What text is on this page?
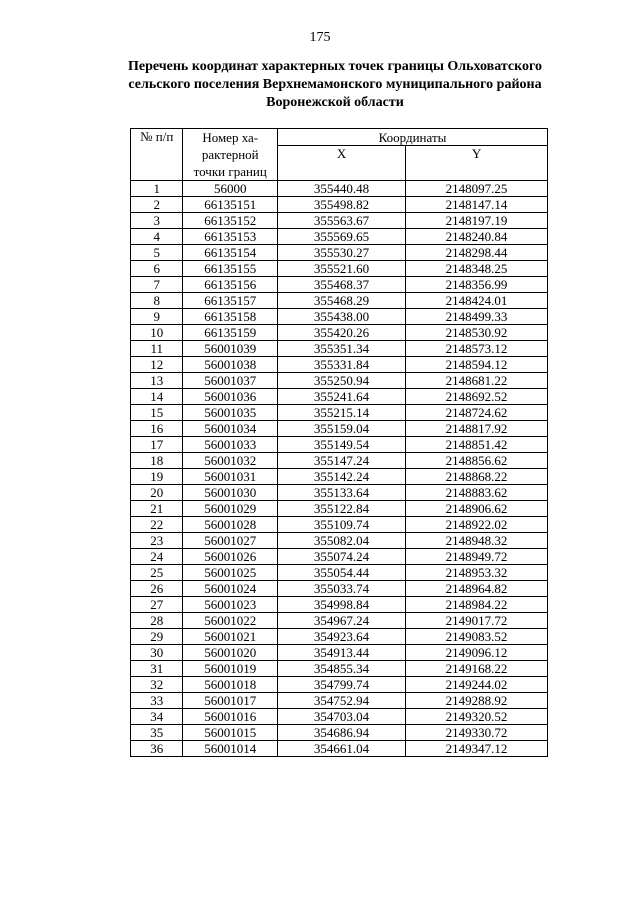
175
Перечень координат характерных точек границы Ольховатского
сельского поселения Верхнемамонского муниципального района
Воронежской области
№ п/п	Номер ха-
рактерной
точки границ	Координаты	
		X	Y
1	56000	355440.48	2148097.25
2	66135151	355498.82	2148147.14
3	66135152	355563.67	2148197.19
4	66135153	355569.65	2148240.84
5	66135154	355530.27	2148298.44
6	66135155	355521.60	2148348.25
7	66135156	355468.37	2148356.99
8	66135157	355468.29	2148424.01
9	66135158	355438.00	2148499.33
10	66135159	355420.26	2148530.92
11	56001039	355351.34	2148573.12
12	56001038	355331.84	2148594.12
13	56001037	355250.94	2148681.22
14	56001036	355241.64	2148692.52
15	56001035	355215.14	2148724.62
16	56001034	355159.04	2148817.92
17	56001033	355149.54	2148851.42
18	56001032	355147.24	2148856.62
19	56001031	355142.24	2148868.22
20	56001030	355133.64	2148883.62
21	56001029	355122.84	2148906.62
22	56001028	355109.74	2148922.02
23	56001027	355082.04	2148948.32
24	56001026	355074.24	2148949.72
25	56001025	355054.44	2148953.32
26	56001024	355033.74	2148964.82
27	56001023	354998.84	2148984.22
28	56001022	354967.24	2149017.72
29	56001021	354923.64	2149083.52
30	56001020	354913.44	2149096.12
31	56001019	354855.34	2149168.22
32	56001018	354799.74	2149244.02
33	56001017	354752.94	2149288.92
34	56001016	354703.04	2149320.52
35	56001015	354686.94	2149330.72
36	56001014	354661.04	2149347.12
